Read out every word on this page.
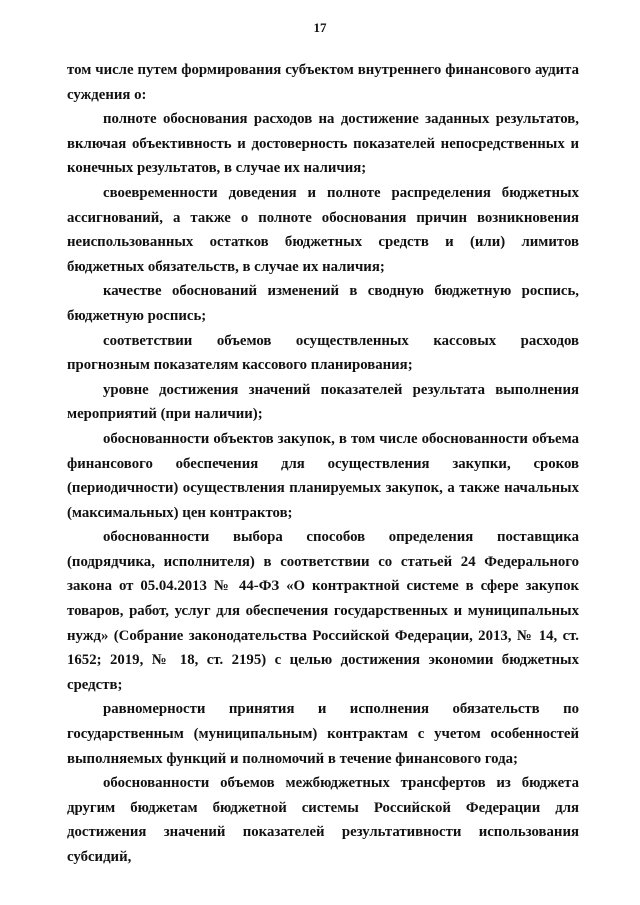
17

том числе путем формирования субъектом внутреннего финансового аудита суждения о:

полноте обоснования расходов на достижение заданных результатов, включая объективность и достоверность показателей непосредственных и конечных результатов, в случае их наличия;

своевременности доведения и полноте распределения бюджетных ассигнований, а также о полноте обоснования причин возникновения неиспользованных остатков бюджетных средств и (или) лимитов бюджетных обязательств, в случае их наличия;

качестве обоснований изменений в сводную бюджетную роспись, бюджетную роспись;

соответствии объемов осуществленных кассовых расходов прогнозным показателям кассового планирования;

уровне достижения значений показателей результата выполнения мероприятий (при наличии);

обоснованности объектов закупок, в том числе обоснованности объема финансового обеспечения для осуществления закупки, сроков (периодичности) осуществления планируемых закупок, а также начальных (максимальных) цен контрактов;

обоснованности выбора способов определения поставщика (подрядчика, исполнителя) в соответствии со статьей 24 Федерального закона от 05.04.2013 № 44-ФЗ «О контрактной системе в сфере закупок товаров, работ, услуг для обеспечения государственных и муниципальных нужд» (Собрание законодательства Российской Федерации, 2013, № 14, ст. 1652; 2019, № 18, ст. 2195) с целью достижения экономии бюджетных средств;

равномерности принятия и исполнения обязательств по государственным (муниципальным) контрактам с учетом особенностей выполняемых функций и полномочий в течение финансового года;

обоснованности объемов межбюджетных трансфертов из бюджета другим бюджетам бюджетной системы Российской Федерации для достижения значений показателей результативности использования субсидий,
